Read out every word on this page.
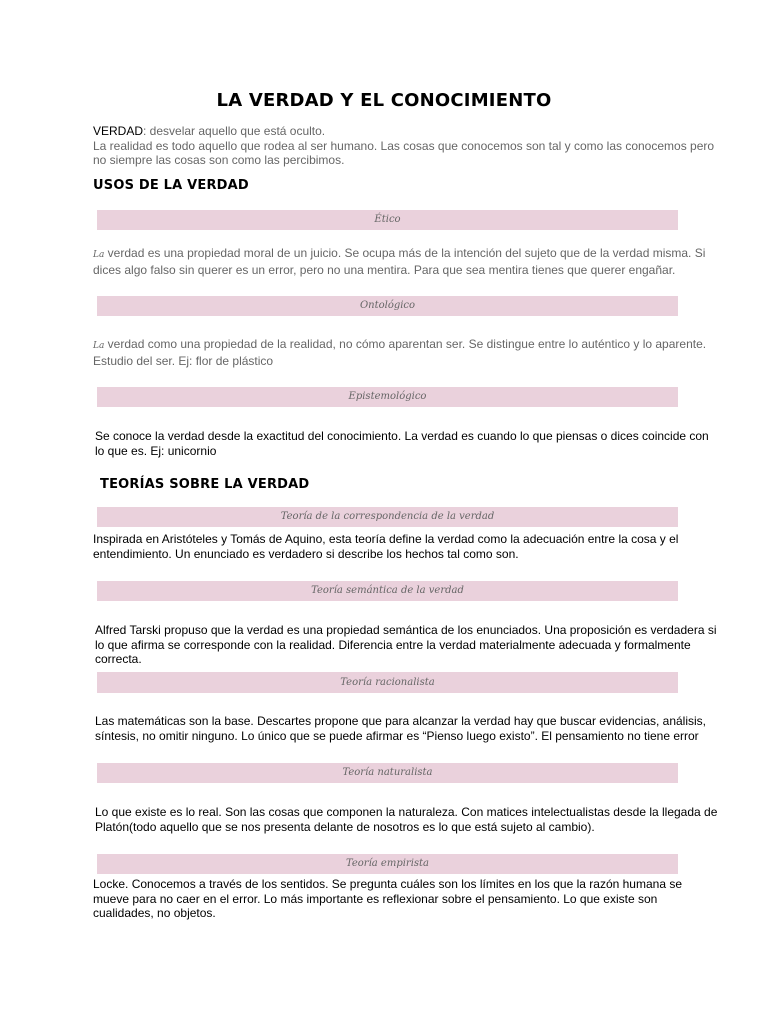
LA VERDAD Y EL CONOCIMIENTO
VERDAD: desvelar aquello que está oculto.
La realidad es todo aquello que rodea al ser humano. Las cosas que conocemos son tal y como las conocemos pero no siempre las cosas son como las percibimos.
USOS DE LA VERDAD
Ético
La verdad es una propiedad moral de un juicio. Se ocupa más de la intención del sujeto que de la verdad misma. Si dices algo falso sin querer es un error, pero no una mentira. Para que sea mentira tienes que querer engañar.
Ontológico
La verdad como una propiedad de la realidad, no cómo aparentan ser. Se distingue entre lo auténtico y lo aparente. Estudio del ser. Ej: flor de plástico
Epistemológico
Se conoce la verdad desde la exactitud del conocimiento. La verdad es cuando lo que piensas o dices coincide con lo que es. Ej: unicornio
TEORÍAS SOBRE LA VERDAD
Teoría de la correspondencia de la verdad
Inspirada en Aristóteles y Tomás de Aquino, esta teoría define la verdad como la adecuación entre la cosa y el entendimiento. Un enunciado es verdadero si describe los hechos tal como son.
Teoría semántica de la verdad
Alfred Tarski propuso que la verdad es una propiedad semántica de los enunciados. Una proposición es verdadera si lo que afirma se corresponde con la realidad. Diferencia entre la verdad materialmente adecuada y formalmente correcta.
Teoría racionalista
Las matemáticas son la base. Descartes propone que para alcanzar la verdad hay que buscar evidencias, análisis, síntesis, no omitir ninguno. Lo único que se puede afirmar es “Pienso luego existo”. El pensamiento no tiene error
Teoría naturalista
Lo que existe es lo real. Son las cosas que componen la naturaleza. Con matices intelectualistas desde la llegada de Platón(todo aquello que se nos presenta delante de nosotros es lo que está sujeto al cambio).
Teoría empirista
Locke. Conocemos a través de los sentidos. Se pregunta cuáles son los límites en los que la razón humana se mueve para no caer en el error. Lo más importante es reflexionar sobre el pensamiento. Lo que existe son cualidades, no objetos.
